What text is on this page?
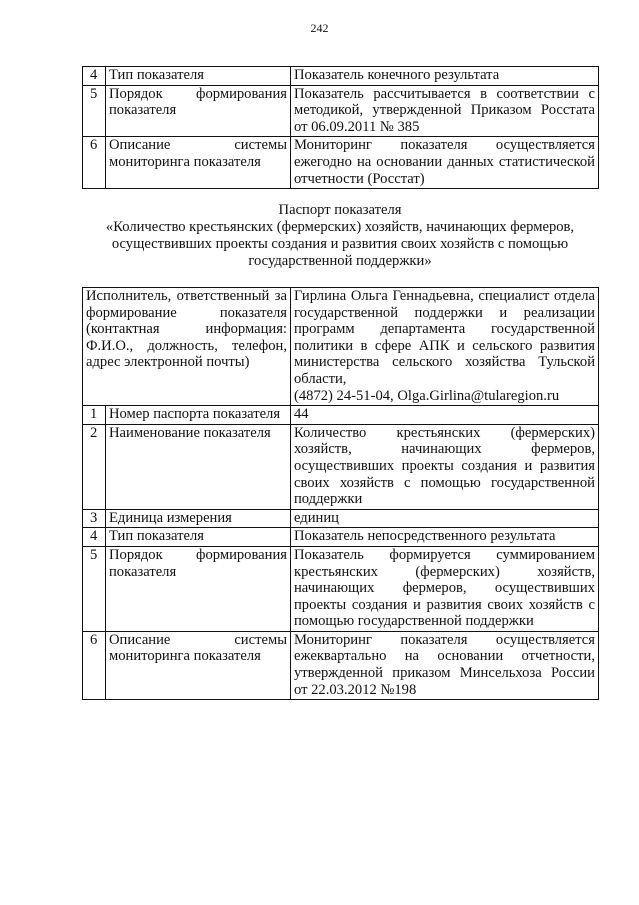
242
4	Тип показателя	Показатель конечного результата
5	Порядок формирования показателя	Показатель рассчитывается в соответствии с методикой, утвержденной Приказом Росстата от 06.09.2011 № 385
6	Описание системы мониторинга показателя	Мониторинг показателя осуществляется ежегодно на основании данных статистической отчетности (Росстат)
Паспорт показателя
«Количество крестьянских (фермерских) хозяйств, начинающих фермеров,
осуществивших проекты создания и развития своих хозяйств с помощью
государственной поддержки»
Исполнитель, ответственный за формирование показателя (контактная информация: Ф.И.О., должность, телефон, адрес электронной почты)		Гирлина Ольга Геннадьевна, специалист отдела государственной поддержки и реализации программ департамента государственной политики в сфере АПК и сельского развития министерства сельского хозяйства Тульской области,
(4872) 24-51-04, Olga.Girlina@tularegion.ru
1	Номер паспорта показателя	44
2	Наименование показателя	Количество крестьянских (фермерских) хозяйств, начинающих фермеров, осуществивших проекты создания и развития своих хозяйств с помощью государственной поддержки
3	Единица измерения	единиц
4	Тип показателя	Показатель непосредственного результата
5	Порядок формирования показателя	Показатель формируется суммированием крестьянских (фермерских) хозяйств, начинающих фермеров, осуществивших проекты создания и развития своих хозяйств с помощью государственной поддержки
6	Описание системы мониторинга показателя	Мониторинг показателя осуществляется ежеквартально на основании отчетности, утвержденной приказом Минсельхоза России от 22.03.2012 №198
